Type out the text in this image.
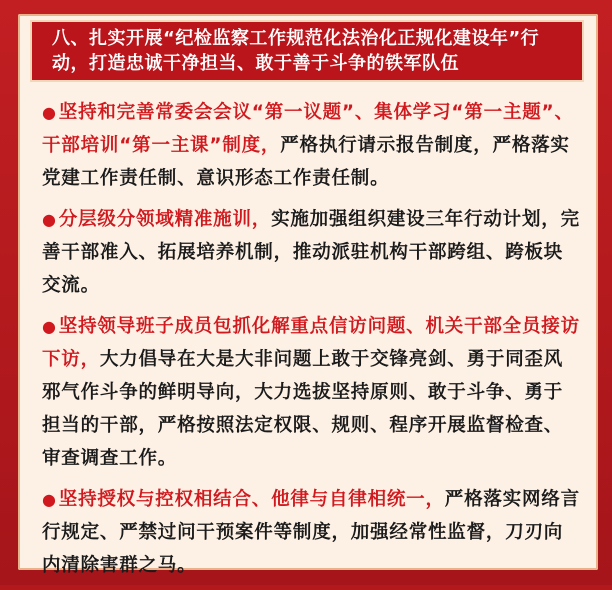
八、扎实开展“纪检监察工作规范化法治化正规化建设年”行动，打造忠诚干净担当、敢于善于斗争的铁军队伍
● 坚持和完善常委会会议“第一议题”、集体学习“第一主题”、干部培训“第一主课”制度，严格执行请示报告制度，严格落实党建工作责任制、意识形态工作责任制。
● 分层级分领域精准施训，实施加强组织建设三年行动计划，完善干部准入、拓展培养机制，推动派驻机构干部跨组、跨板块交流。
● 坚持领导班子成员包抓化解重点信访问题、机关干部全员接访下访，大力倡导在大是大非问题上敢于交锋亮剑、勇于同歪风邪气作斗争的鲜明导向，大力选拔坚持原则、敢于斗争、勇于担当的干部，严格按照法定权限、规则、程序开展监督检查、审查调查工作。
● 坚持授权与控权相结合、他律与自律相统一，严格落实网络言行规定、严禁过问干预案件等制度，加强经常性监督，刀刃向内清除害群之马。
